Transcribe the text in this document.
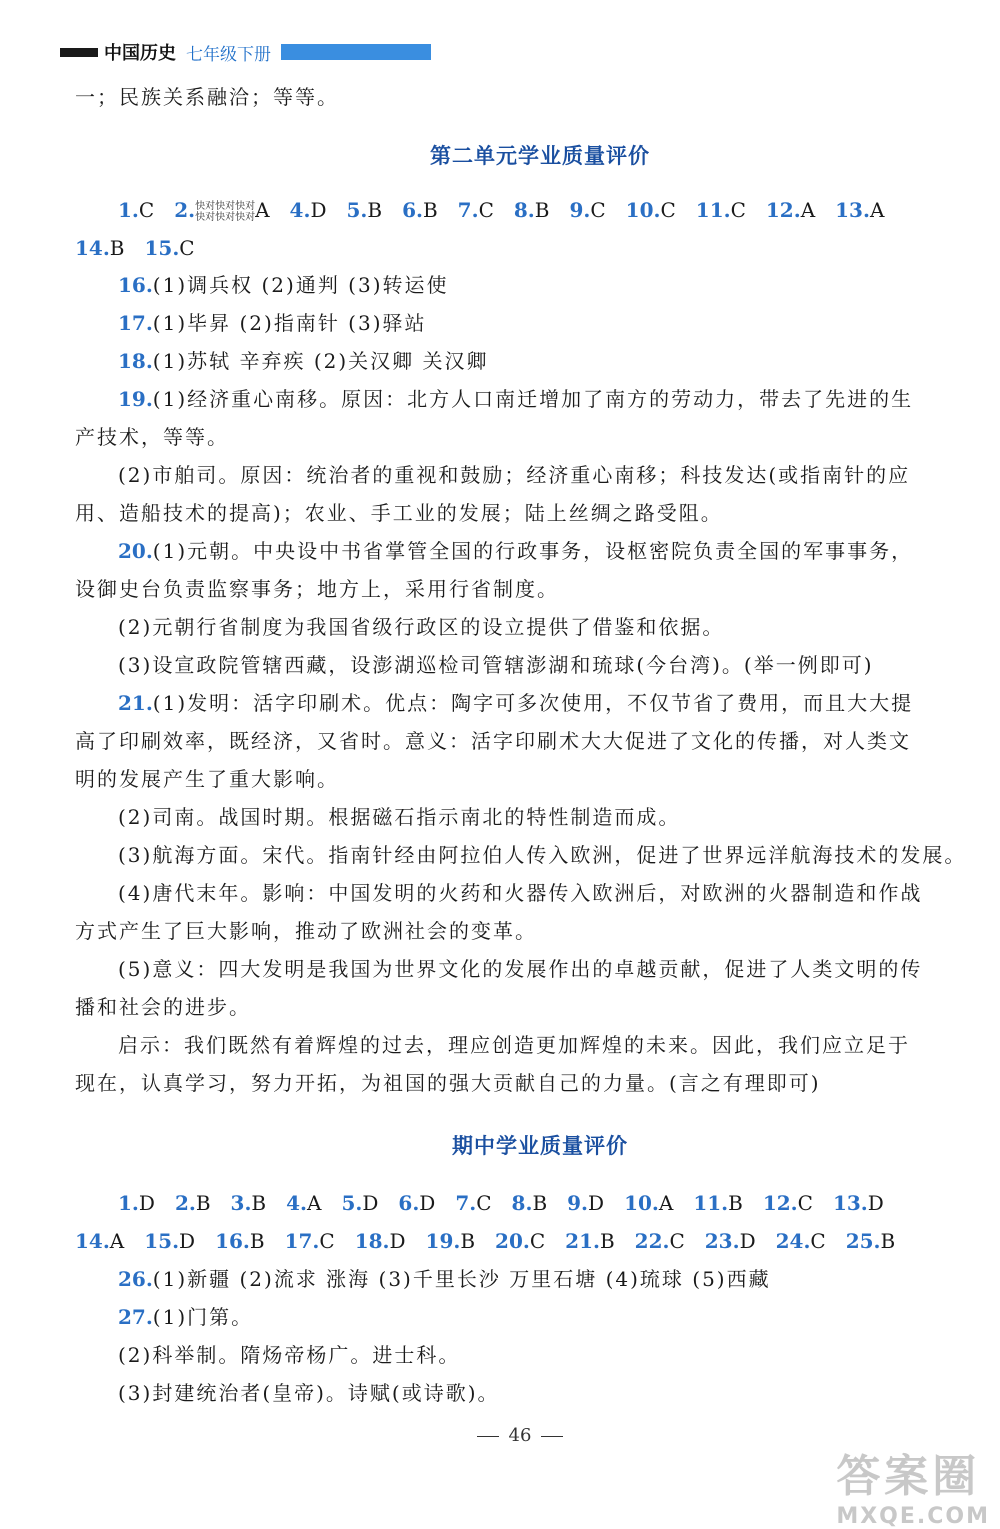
中国历史 七年级下册
一；民族关系融洽；等等。
第二单元学业质量评价
1.C 2. 快对快对快对
快对快对快对 A 4.D 5.B 6.B 7.C 8.B 9.C 10.C 11.C 12.A 13.A
14.B 15.C
16.(1)调兵权 (2)通判 (3)转运使
17.(1)毕昇 (2)指南针 (3)驿站
18.(1)苏轼 辛弃疾 (2)关汉卿 关汉卿
19.(1)经济重心南移。原因：北方人口南迁增加了南方的劳动力，带去了先进的生
产技术，等等。
(2)市舶司。原因：统治者的重视和鼓励；经济重心南移；科技发达(或指南针的应
用、造船技术的提高)；农业、手工业的发展；陆上丝绸之路受阻。
20.(1)元朝。中央设中书省掌管全国的行政事务，设枢密院负责全国的军事事务，
设御史台负责监察事务；地方上，采用行省制度。
(2)元朝行省制度为我国省级行政区的设立提供了借鉴和依据。
(3)设宣政院管辖西藏，设澎湖巡检司管辖澎湖和琉球(今台湾)。(举一例即可)
21.(1)发明：活字印刷术。优点：陶字可多次使用，不仅节省了费用，而且大大提
高了印刷效率，既经济，又省时。意义：活字印刷术大大促进了文化的传播，对人类文
明的发展产生了重大影响。
(2)司南。战国时期。根据磁石指示南北的特性制造而成。
(3)航海方面。宋代。指南针经由阿拉伯人传入欧洲，促进了世界远洋航海技术的发展。
(4)唐代末年。影响：中国发明的火药和火器传入欧洲后，对欧洲的火器制造和作战
方式产生了巨大影响，推动了欧洲社会的变革。
(5)意义：四大发明是我国为世界文化的发展作出的卓越贡献，促进了人类文明的传
播和社会的进步。
启示：我们既然有着辉煌的过去，理应创造更加辉煌的未来。因此，我们应立足于
现在，认真学习，努力开拓，为祖国的强大贡献自己的力量。(言之有理即可)
期中学业质量评价
1.D 2.B 3.B 4.A 5.D 6.D 7.C 8.B 9.D 10.A 11.B 12.C 13.D
14.A 15.D 16.B 17.C 18.D 19.B 20.C 21.B 22.C 23.D 24.C 25.B
26.(1)新疆 (2)流求 涨海 (3)千里长沙 万里石塘 (4)琉球 (5)西藏
27.(1)门第。
(2)科举制。隋炀帝杨广。进士科。
(3)封建统治者(皇帝)。诗赋(或诗歌)。
46
答案圈
MXQE.COM
